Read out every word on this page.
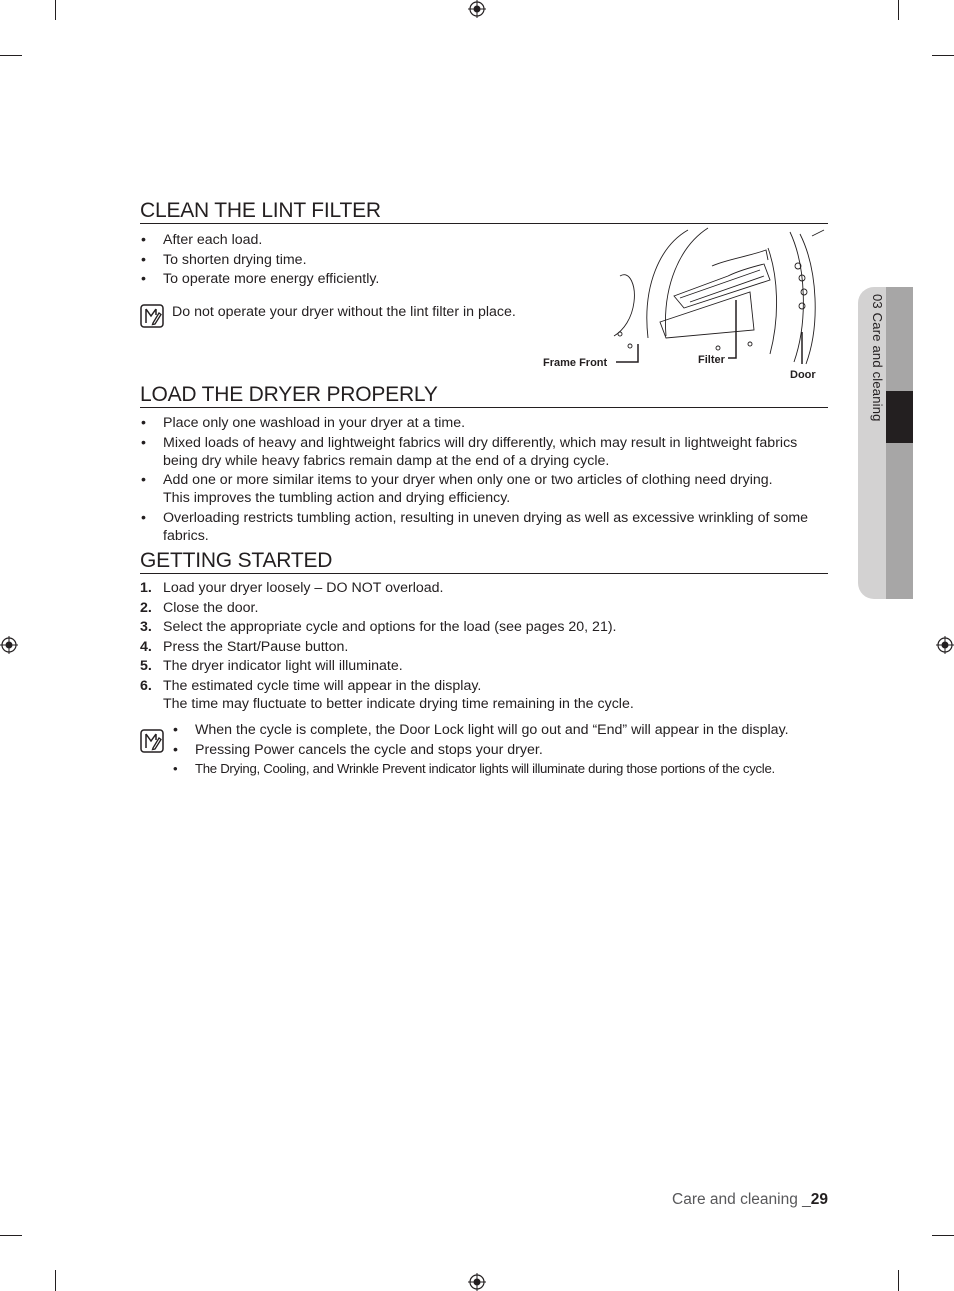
03 Care and cleaning
CLEAN THE LINT FILTER
• After each load.
• To shorten drying time.
• To operate more energy efficiently.
Do not operate your dryer without the lint filter in place.
Frame Front	Filter
Door
LOAD THE DRYER PROPERLY
• Place only one washload in your dryer at a time.
• Mixed loads of heavy and lightweight fabrics will dry differently, which may result in lightweight fabrics being dry while heavy fabrics remain damp at the end of a drying cycle.
• Add one or more similar items to your dryer when only one or two articles of clothing need drying.
This improves the tumbling action and drying efficiency.
• Overloading restricts tumbling action, resulting in uneven drying as well as excessive wrinkling of some fabrics.
GETTING STARTED
1. Load your dryer loosely – DO NOT overload.
2. Close the door.
3. Select the appropriate cycle and options for the load (see pages 20, 21).
4. Press the Start/Pause button.
5. The dryer indicator light will illuminate.
6. The estimated cycle time will appear in the display.
The time may fluctuate to better indicate drying time remaining in the cycle.
• When the cycle is complete, the Door Lock light will go out and “End” will appear in the display.
• Pressing Power cancels the cycle and stops your dryer.
• The Drying, Cooling, and Wrinkle Prevent indicator lights will illuminate during those portions of the cycle.
Care and cleaning _29
